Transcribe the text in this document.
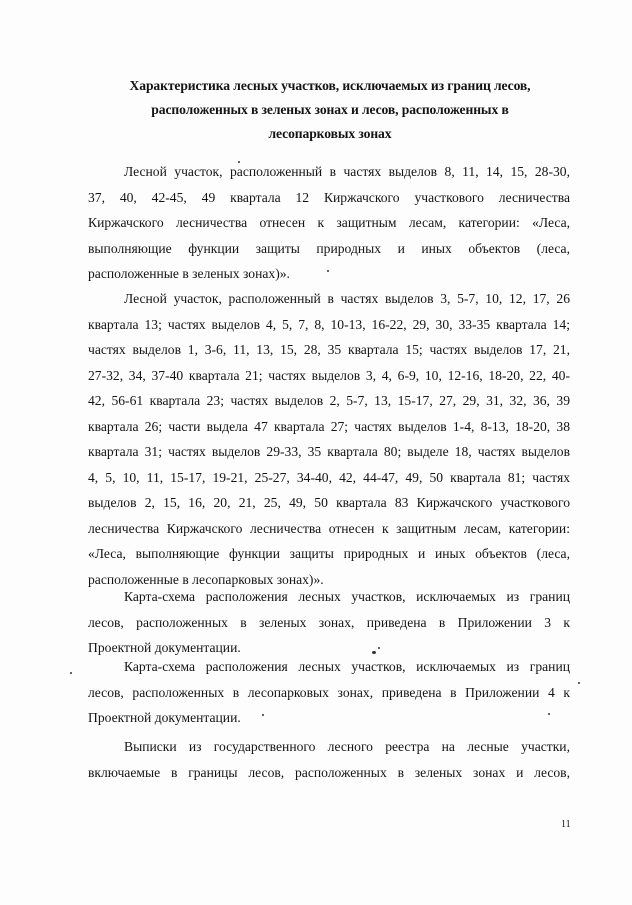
Характеристика лесных участков, исключаемых из границ лесов,
расположенных в зеленых зонах и лесов, расположенных в
лесопарковых зонах
Лесной участок, расположенный в частях выделов 8, 11, 14, 15, 28-30,
37, 40, 42-45, 49 квартала 12 Киржачского участкового лесничества
Киржачского лесничества отнесен к защитным лесам, категории: «Леса,
выполняющие функции защиты природных и иных объектов (леса,
расположенные в зеленых зонах)».
Лесной участок, расположенный в частях выделов 3, 5-7, 10, 12, 17, 26
квартала 13; частях выделов 4, 5, 7, 8, 10-13, 16-22, 29, 30, 33-35 квартала 14;
частях выделов 1, 3-6, 11, 13, 15, 28, 35 квартала 15; частях выделов 17, 21,
27-32, 34, 37-40 квартала 21; частях выделов 3, 4, 6-9, 10, 12-16, 18-20, 22, 40-
42, 56-61 квартала 23; частях выделов 2, 5-7, 13, 15-17, 27, 29, 31, 32, 36, 39
квартала 26; части выдела 47 квартала 27; частях выделов 1-4, 8-13, 18-20, 38
квартала 31; частях выделов 29-33, 35 квартала 80; выделе 18, частях выделов
4, 5, 10, 11, 15-17, 19-21, 25-27, 34-40, 42, 44-47, 49, 50 квартала 81; частях
выделов 2, 15, 16, 20, 21, 25, 49, 50 квартала 83 Киржачского участкового
лесничества Киржачского лесничества отнесен к защитным лесам, категории:
«Леса, выполняющие функции защиты природных и иных объектов (леса,
расположенные в лесопарковых зонах)».
Карта-схема расположения лесных участков, исключаемых из границ
лесов, расположенных в зеленых зонах, приведена в Приложении 3 к
Проектной документации.
Карта-схема расположения лесных участков, исключаемых из границ
лесов, расположенных в лесопарковых зонах, приведена в Приложении 4 к
Проектной документации.
Выписки из государственного лесного реестра на лесные участки,
включаемые в границы лесов, расположенных в зеленых зонах и лесов,
11
